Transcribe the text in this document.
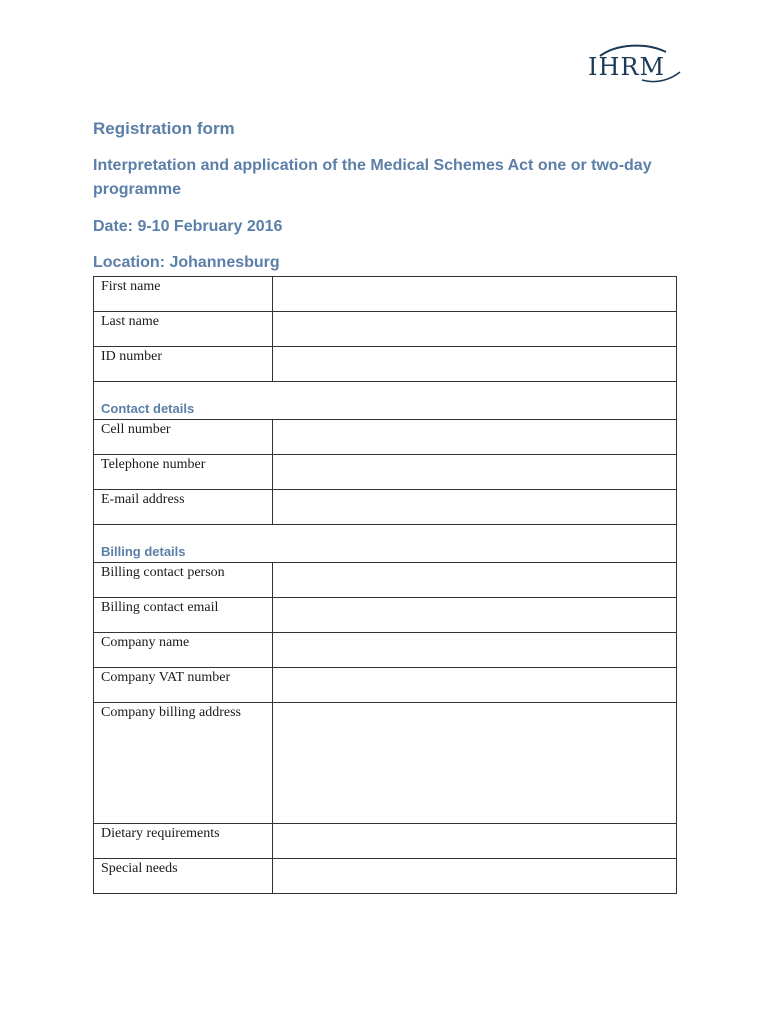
IHRM
Registration form
Interpretation and application of the Medical Schemes Act one or two-day programme
Date: 9-10 February 2016
Location: Johannesburg
First name	
Last name	
ID number	
Contact details	
Cell number	
Telephone number	
E-mail address	
Billing details	
Billing contact person	
Billing contact email	
Company name	
Company VAT number	
Company billing address	
Dietary requirements	
Special needs	
